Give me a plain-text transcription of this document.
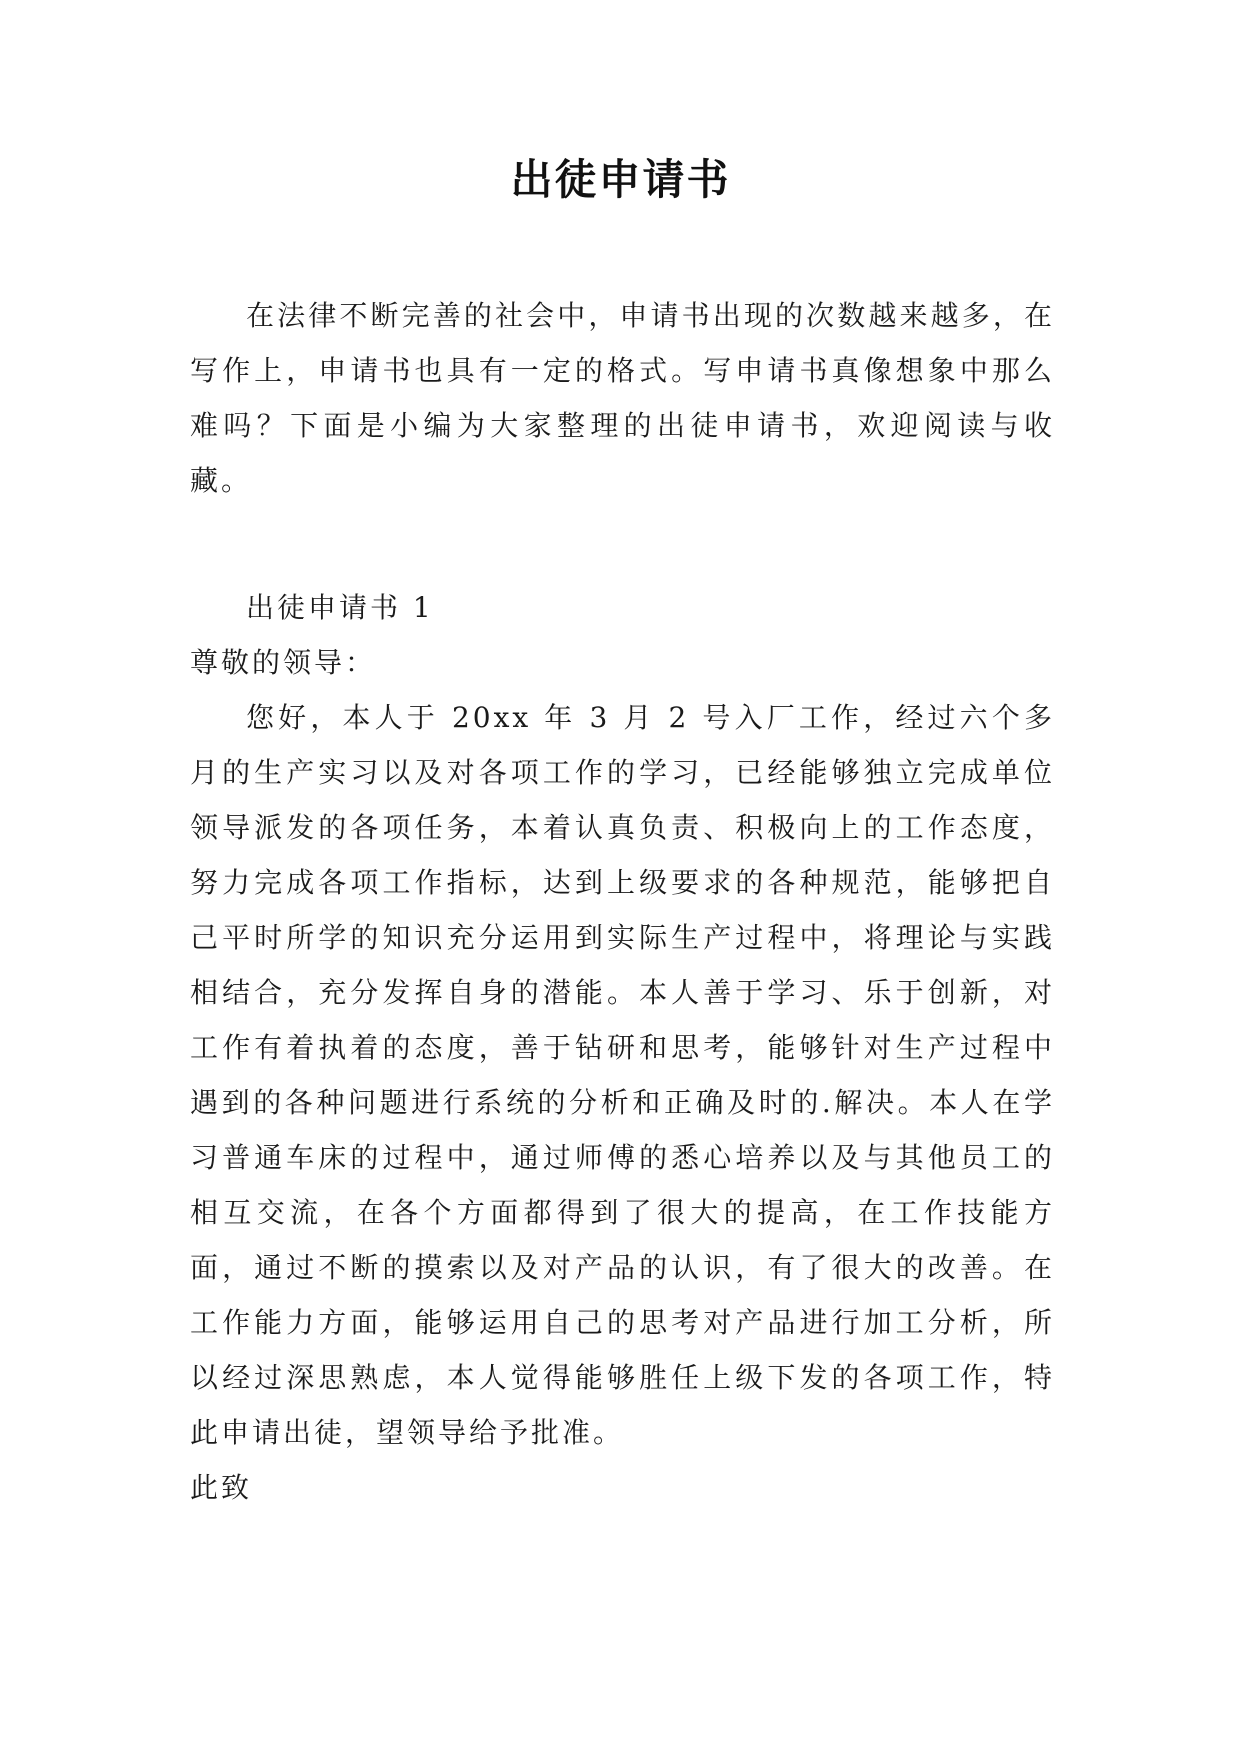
出徒申请书

在法律不断完善的社会中，申请书出现的次数越来越多，在写作上，申请书也具有一定的格式。写申请书真像想象中那么难吗？下面是小编为大家整理的出徒申请书，欢迎阅读与收藏。

出徒申请书 1

尊敬的领导：

您好，本人于 20xx 年 3 月 2 号入厂工作，经过六个多月的生产实习以及对各项工作的学习，已经能够独立完成单位领导派发的各项任务，本着认真负责、积极向上的工作态度，努力完成各项工作指标，达到上级要求的各种规范，能够把自己平时所学的知识充分运用到实际生产过程中，将理论与实践相结合，充分发挥自身的潜能。本人善于学习、乐于创新，对工作有着执着的态度，善于钻研和思考，能够针对生产过程中遇到的各种问题进行系统的分析和正确及时的.解决。本人在学习普通车床的过程中，通过师傅的悉心培养以及与其他员工的相互交流，在各个方面都得到了很大的提高，在工作技能方面，通过不断的摸索以及对产品的认识，有了很大的改善。在工作能力方面，能够运用自己的思考对产品进行加工分析，所以经过深思熟虑，本人觉得能够胜任上级下发的各项工作，特此申请出徒，望领导给予批准。

此致
